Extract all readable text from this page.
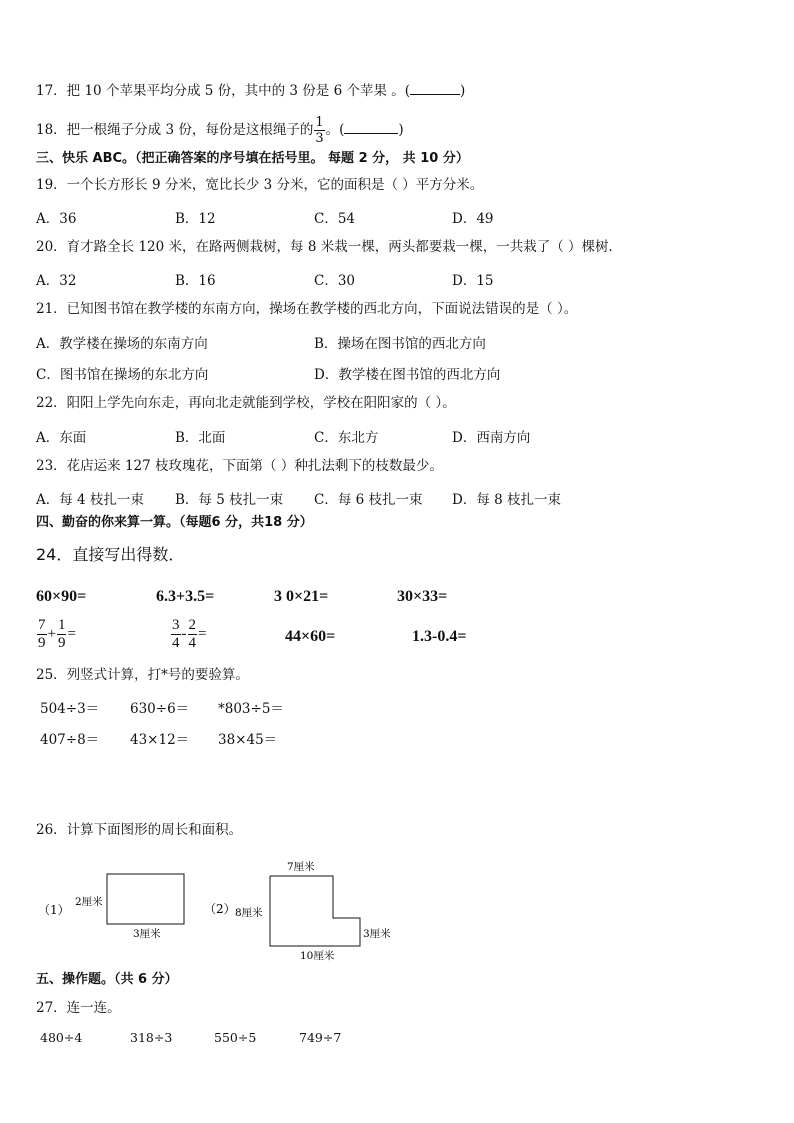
17．把 10 个苹果平均分成 5 份，其中的 3 份是 6 个苹果 。(	)
18．把一根绳子分成 3 份，每份是这根绳子的 $\frac{1}{3}$ 。(	)
三、快乐 ABC。（把正确答案的序号填在括号里。 每题 2 分， 共 10 分）
19．一个长方形长 9 分米，宽比长少 3 分米，它的面积是（ ）平方分米。
A．36	B．12	C．54	D．49
20．育才路全长 120 米，在路两侧栽树，每 8 米栽一棵，两头都要栽一棵，一共栽了（ ）棵树．
A．32	B．16	C．30	D．15
21．已知图书馆在教学楼的东南方向，操场在教学楼的西北方向，下面说法错误的是（ ）。
A．教学楼在操场的东南方向	B．操场在图书馆的西北方向
C．图书馆在操场的东北方向	D．教学楼在图书馆的西北方向
22．阳阳上学先向东走，再向北走就能到学校，学校在阳阳家的（ ）。
A．东面	B．北面	C．东北方	D．西南方向
23．花店运来 127 枝玫瑰花，下面第（ ）种扎法剩下的枝数最少。
A．每 4 枝扎一束 B．每 5 枝扎一束 C．每 6 枝扎一束 D．每 8 枝扎一束
四、勤奋的你来算一算。（每题6 分，共18 分）
24．直接写出得数．
60×90=	6.3+3.5=	3 0×21=	30×33=
$\frac{7}{9} + \frac{1}{9}$ =	$\frac{3}{4} - \frac{2}{4}$ =	44×60=	1.3-0.4=
25．列竖式计算，打*号的要验算。
504÷3＝ 630÷6＝ *803÷5＝
407÷8＝ 43×12＝ 38×45＝
26．计算下面图形的周长和面积。
（1）
2厘米
3厘米
（2）
7厘米
8厘米
3厘米
10厘米
五、操作题。（共 6 分）
27．连一连。
480÷4	318÷3	550÷5	749÷7
